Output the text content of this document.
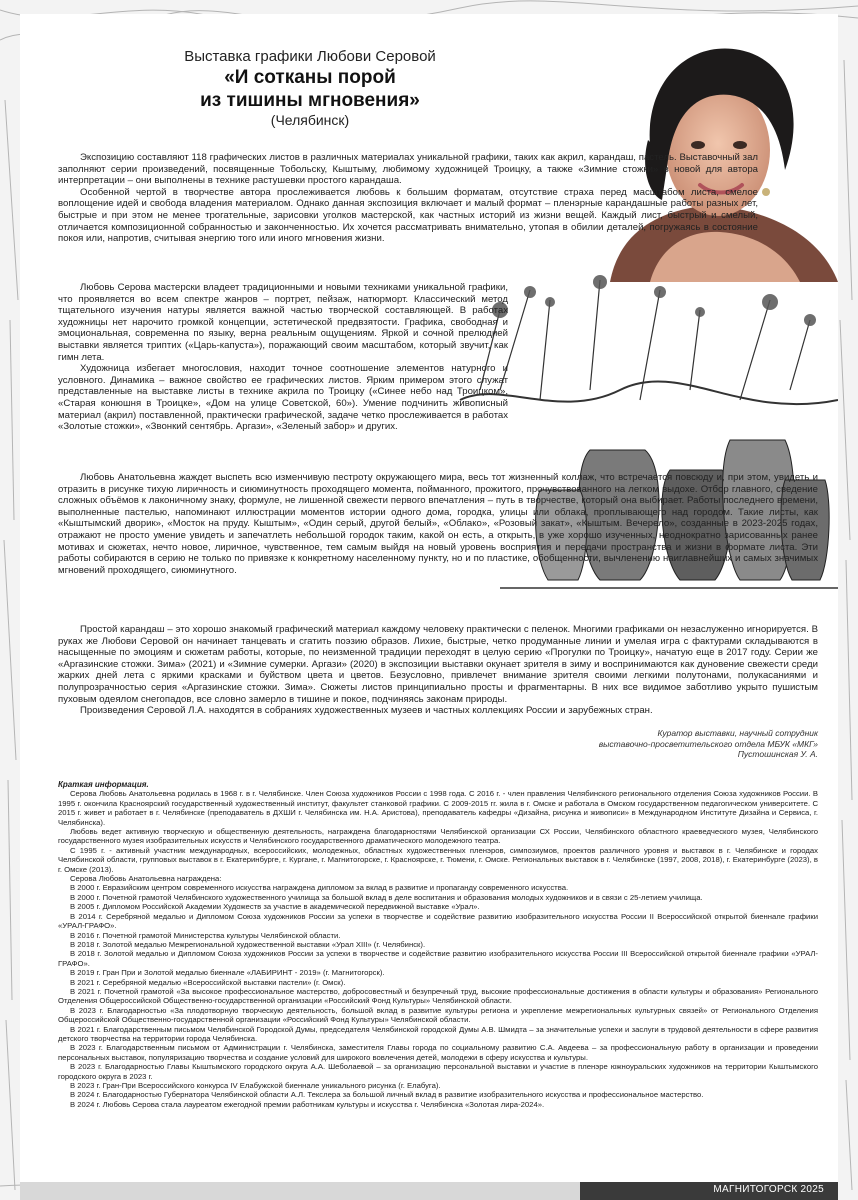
Выставка графики Любови Серовой
«И сотканы порой
из тишины мгновения»
(Челябинск)

Экспозицию составляют 118 графических листов в различных материалах уникальной графики, таких как акрил, карандаш, пастель. Выставочный зал заполняют серии произведений, посвященные Тобольску, Кыштыму, любимому художницей Троицку, а также «Зимние стожки» в новой для автора интерпретации – они выполнены в технике растушевки простого карандаша.

Особенной чертой в творчестве автора прослеживается любовь к большим форматам, отсутствие страха перед масштабом листа, смелое воплощение идей и свобода владения материалом. Однако данная экспозиция включает и малый формат – пленэрные карандашные работы разных лет, быстрые и при этом не менее трогательные, зарисовки уголков мастерской, как частных историй из жизни вещей. Каждый лист, быстрый и смелый, отличается композиционной собранностью и законченностью. Их хочется рассматривать внимательно, утопая в обилии деталей, погружаясь в состояние покоя или, напротив, считывая энергию того или иного мгновения жизни.

Любовь Серова мастерски владеет традиционными и новыми техниками уникальной графики, что проявляется во всем спектре жанров – портрет, пейзаж, натюрморт. Классический метод тщательного изучения натуры является важной частью творческой составляющей. В работах художницы нет нарочито громкой концепции, эстетической предвзятости. Графика, свободная и эмоциональная, современна по языку, верна реальным ощущениям. Яркой и сочной прелюдией выставки является триптих («Царь-капуста»), поражающий своим масштабом, который звучит, как гимн лета.

Художница избегает многословия, находит точное соотношение элементов натурного и условного. Динамика – важное свойство ее графических листов. Ярким примером этого служат представленные на выставке листы в технике акрила по Троицку («Синее небо над Троицком», «Старая конюшня в Троицке», «Дом на улице Советской, 60»). Умение подчинить живописный материал (акрил) поставленной, практически графической, задаче четко прослеживается в работах «Золотые стожки», «Звонкий сентябрь. Аргази», «Зеленый забор» и других.

Любовь Анатольевна жаждет выcпеть всю изменчивую пестроту окружающего мира, весь тот жизненный коллаж, что встречается повсюду и, при этом, увидеть и отразить в рисунке тихую лиричность и сиюминутность проходящего момента, пойманного, прожитого, прочувствованного на легком выдохе. Отбор главного, сведение сложных объёмов к лаконичному знаку, формуле, не лишенной свежести первого впечатления – путь в творчестве, который она выбирает. Работы последнего времени, выполненные пастелью, напоминают иллюстрации моментов истории одного дома, городка, улицы или облака, проплывающего над городом. Такие листы, как «Кыштымский дворик», «Мосток на пруду. Кыштым», «Один серый, другой белый», «Облако», «Розовый закат», «Кыштым. Вечерело», созданные в 2023-2025 годах, отражают не просто умение увидеть и запечатлеть небольшой городок таким, какой он есть, а открыть, в уже хорошо изученных, неоднократно зарисованных ранее мотивах и сюжетах, нечто новое, лиричное, чувственное, тем самым выйдя на новый уровень восприятия и передачи пространства и жизни в формате листа. Эти работы собираются в серию не только по привязке к конкретному населенному пункту, но и по пластике, обобщенности, вычленению наиглавнейших и самых значимых мгновений проходящего, сиюминутного.

Простой карандаш – это хорошо знакомый графический материал каждому человеку практически с пеленок. Многими графиками он незаслуженно игнорируется. В руках же Любови Серовой он начинает танцевать и сгатить поэзию образов. Лихие, быстрые, четко продуманные линии и умелая игра с фактурами складываются в насыщенные по эмоциям и сюжетам работы, которые, по неизменной традиции переходят в целую серию «Прогулки по Троицку», начатую еще в 2017 году. Серии же «Аргазинские стожки. Зима» (2021) и «Зимние сумерки. Аргази» (2020) в экспозиции выставки окунает зрителя в зиму и воспринимаются как дуновение свежести среди жарких дней лета с яркими красками и буйством цвета и цветов. Безусловно, привлечет внимание зрителя своими легкими полутонами, полукасаниями и полупрозрачностью серия «Аргазинские стожки. Зима». Сюжеты листов принципиально просты и фрагментарны. В них все видимое заботливо укрыто пушистым пуховым одеялом снегопадов, все словно замерло в тишине и покое, подчиняясь законам природы.

Произведения Серовой Л.А. находятся в собраниях художественных музеев и частных коллекциях России и зарубежных стран.

Куратор выставки, научный сотрудник
выставочно-просветительского отдела МБУК «МКГ»
Пустошинская У. А.

Краткая информация.

Серова Любовь Анатольевна родилась в 1968 г. в г. Челябинске. Член Союза художников России с 1998 года. С 2016 г. - член правления Челябинского регионального отделения Союза художников России. В 1995 г. окончила Красноярский государственный художественный институт, факультет станковой графики. С 2009-2015 гг. жила в г. Омске и работала в Омском государственном педагогическом университете. С 2015 г. живет и работает в г. Челябинске (преподаватель в ДХШИ г. Челябинска им. Н.А. Аристова), преподаватель кафедры «Дизайна, рисунка и живописи» в Международном Институте Дизайна и Сервиса, г. Челябинска).

Любовь ведет активную творческую и общественную деятельность, награждена благодарностями Челябинской организации СХ России, Челябинского областного краеведческого музея, Челябинского государственного музея изобразительных искусств и Челябинского государственного драматического молодежного театра.

С 1995 г. - активный участник международных, всероссийских, молодежных, областных художественных пленэров, симпозиумов, проектов различного уровня и выставок в г. Челябинске и городах Челябинской области, групповых выставок в г. Екатеринбурге, г. Кургане, г. Магнитогорске, г. Красноярске, г. Тюмени, г. Омске. Региональных выставок в г. Челябинске (1997, 2008, 2018), г. Екатеринбурге (2023), в г. Омске (2013).

Серова Любовь Анатольевна награждена:

В 2000 г. Евразийским центром современного искусства награждена дипломом за вклад в развитие и пропаганду современного искусства.

В 2000 г. Почетной грамотой Челябинского художественного училища за большой вклад в деле воспитания и образования молодых художников и в связи с 25-летием училища.

В 2005 г. Дипломом Российской Академии Художеств за участие в академической передвижной выставке «Урал».

В 2014 г. Серебряной медалью и Дипломом Союза художников России за успехи в творчестве и содействие развитию изобразительного искусства России II Всероссийской открытой биеннале графики «УРАЛ-ГРАФО».

В 2016 г. Почетной грамотой Министерства культуры Челябинской области.

В 2018 г. Золотой медалью Межрегиональной художественной выставки «Урал XIII» (г. Челябинск).

В 2018 г. Золотой медалью и Дипломом Союза художников России за успехи в творчестве и содействие развитию изобразительного искусства России III Всероссийской открытой биеннале графики «УРАЛ-ГРАФО».

В 2019 г. Гран При и Золотой медалью биеннале «ЛАБИРИНТ - 2019» (г. Магнитогорск).

В 2021 г. Серебряной медалью «Всероссийской выставки пастели» (г. Омск).

В 2021 г. Почетной грамотой «За высокое профессиональное мастерство, добросовестный и безупречный труд, высокие профессиональные достижения в области культуры и образования» Регионального Отделения Общероссийской Общественно-государственной организации «Российский Фонд Культуры» Челябинской области.

В 2023 г. Благодарностью «За плодотворную творческую деятельность, большой вклад в развитие культуры региона и укрепление межрегиональных культурных связей» от Регионального Отделения Общероссийской Общественно-государственной организации «Российский Фонд Культуры» Челябинской области.

В 2021 г. Благодарственным письмом Челябинской Городской Думы, председателя Челябинской городской Думы А.В. Шмидта – за значительные успехи и заслуги в трудовой деятельности в сфере развития детского творчества на территории города Челябинска.

В 2023 г. Благодарственным письмом от Администрации г. Челябинска, заместителя Главы города по социальному развитию С.А. Авдеева – за профессиональную работу в организации и проведении персональных выставок, популяризацию творчества и создание условий для широкого вовлечения детей, молодежи в сферу искусства и культуры.

В 2023 г. Благодарностью Главы Кыштымского городского округа А.А. Шеболаевой – за организацию персональной выставки и участие в пленэре южноуральских художников на территории Кыштымского городского округа в 2023 г.

В 2023 г. Гран-При Всероссийского конкурса IV Елабужской биеннале уникального рисунка (г. Елабуга).

В 2024 г. Благодарностью Губернатора Челябинской области А.Л. Текслера за большой личный вклад в развитие изобразительного искусства и профессиональное мастерство.

В 2024 г. Любовь Серова стала лауреатом ежегодной премии работникам культуры и искусства г. Челябинска «Золотая лира-2024».

МАГНИТОГОРСК 2025
